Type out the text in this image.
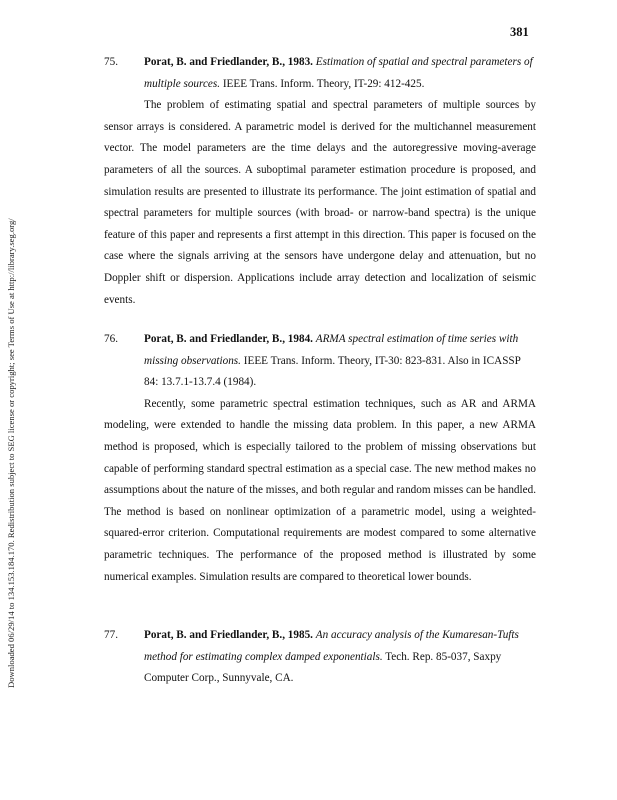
381
Downloaded 06/29/14 to 134.153.184.170. Redistribution subject to SEG license or copyright; see Terms of Use at http://library.seg.org/

75. Porat, B. and Friedlander, B., 1983. Estimation of spatial and spectral parameters of multiple sources. IEEE Trans. Inform. Theory, IT-29: 412-425.

The problem of estimating spatial and spectral parameters of multiple sources by sensor arrays is considered. A parametric model is derived for the multichannel measurement vector. The model parameters are the time delays and the autoregressive moving-average parameters of all the sources. A suboptimal parameter estimation procedure is proposed, and simulation results are presented to illustrate its performance. The joint estimation of spatial and spectral parameters for multiple sources (with broad- or narrow-band spectra) is the unique feature of this paper and represents a first attempt in this direction. This paper is focused on the case where the signals arriving at the sensors have undergone delay and attenuation, but no Doppler shift or dispersion. Applications include array detection and localization of seismic events.

76. Porat, B. and Friedlander, B., 1984. ARMA spectral estimation of time series with missing observations. IEEE Trans. Inform. Theory, IT-30: 823-831. Also in ICASSP 84: 13.7.1-13.7.4 (1984).

Recently, some parametric spectral estimation techniques, such as AR and ARMA modeling, were extended to handle the missing data problem. In this paper, a new ARMA method is proposed, which is especially tailored to the problem of missing observations but capable of performing standard spectral estimation as a special case. The new method makes no assumptions about the nature of the misses, and both regular and random misses can be handled. The method is based on nonlinear optimization of a parametric model, using a weighted-squared-error criterion. Computational requirements are modest compared to some alternative parametric techniques. The performance of the proposed method is illustrated by some numerical examples. Simulation results are compared to theoretical lower bounds.

77. Porat, B. and Friedlander, B., 1985. An accuracy analysis of the Kumaresan-Tufts method for estimating complex damped exponentials. Tech. Rep. 85-037, Saxpy Computer Corp., Sunnyvale, CA.
